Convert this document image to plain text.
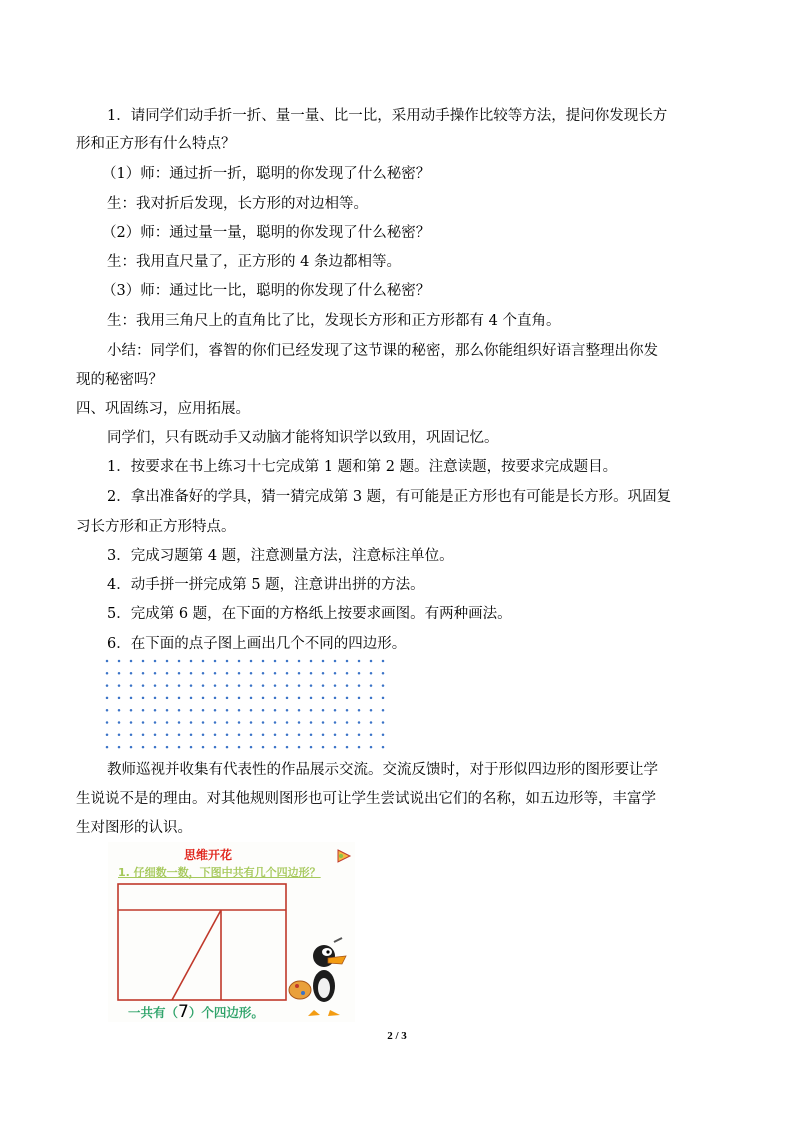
1．请同学们动手折一折、量一量、比一比，采用动手操作比较等方法，提问你发现长方
形和正方形有什么特点？
（1）师：通过折一折，聪明的你发现了什么秘密？
生：我对折后发现，长方形的对边相等。
（2）师：通过量一量，聪明的你发现了什么秘密？
生：我用直尺量了，正方形的 4 条边都相等。
（3）师：通过比一比，聪明的你发现了什么秘密？
生：我用三角尺上的直角比了比，发现长方形和正方形都有 4 个直角。
小结：同学们，睿智的你们已经发现了这节课的秘密，那么你能组织好语言整理出你发
现的秘密吗？
四、巩固练习，应用拓展。
同学们，只有既动手又动脑才能将知识学以致用，巩固记忆。
1．按要求在书上练习十七完成第 1 题和第 2 题。注意读题，按要求完成题目。
2．拿出准备好的学具，猜一猜完成第 3 题，有可能是正方形也有可能是长方形。巩固复
习长方形和正方形特点。
3．完成习题第 4 题，注意测量方法，注意标注单位。
4．动手拼一拼完成第 5 题，注意讲出拼的方法。
5．完成第 6 题，在下面的方格纸上按要求画图。有两种画法。
6．在下面的点子图上画出几个不同的四边形。
教师巡视并收集有代表性的作品展示交流。交流反馈时，对于形似四边形的图形要让学
生说说不是的理由。对其他规则图形也可让学生尝试说出它们的名称，如五边形等，丰富学
生对图形的认识。
思维开花
1. 仔细数一数，下图中共有几个四边形？
一共有（7）个四边形。
2 / 3
